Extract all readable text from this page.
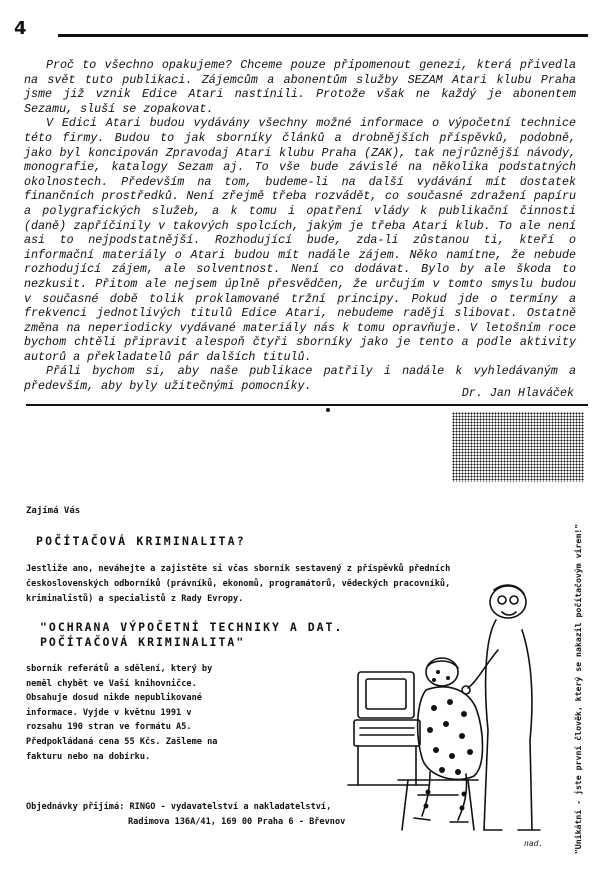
4

Proč to všechno opakujeme? Chceme pouze připomenout genezi, která přivedla na svět tuto publikaci. Zájemcům a abonentům služby SEZAM Atari klubu Praha jsme již vznik Edice Atari nastínili. Protože však ne každý je abonentem Sezamu, sluší se zopakovat.

V Edici Atari budou vydávány všechny možné informace o výpočetní technice této firmy. Budou to jak sborníky článků a drobnějších příspěvků, podobně, jako byl koncipován Zpravodaj Atari klubu Praha (ZAK), tak nejrůznější návody, monografie, katalogy Sezam aj. To vše bude závislé na několika podstatných okolnostech. Především na tom, budeme-li na další vydávání mít dostatek finančních prostředků. Není zřejmě třeba rozvádět, co současné zdražení papíru a polygrafických služeb, a k tomu i opatření vlády k publikační činnosti (daně) zapříčinily v takových spolcích, jakým je třeba Atari klub. To ale není asi to nejpodstatnější. Rozhodující bude, zda-li zůstanou ti, kteří o informační materiály o Atari budou mít nadále zájem. Něko namítne, že nebude rozhodující zájem, ale solventnost. Není co dodávat. Bylo by ale škoda to nezkusit. Přitom ale nejsem úplně přesvědčen, že určujím v tomto smyslu budou v současné době tolik proklamované tržní principy. Pokud jde o termíny a frekvenci jednotlivých titulů Edice Atari, nebudeme raději slibovat. Ostatně změna na neperiodicky vydávané materiály nás k tomu opravňuje. V letošním roce bychom chtěli připravit alespoň čtyři sborníky jako je tento a podle aktivity autorů a překladatelů pár dalších titulů.

Přáli bychom si, aby naše publikace patřily i nadále k vyhledávaným a především, aby byly užitečnými pomocníky.	Dr. Jan Hlaváček
Zajímá Vás
POČÍTAČOVÁ KRIMINALITA?

Jestliže ano, neváhejte a zajistěte si včas sborník sestavený z příspěvků předních československých odborníků (právníků, ekonomů, programátorů, vědeckých pracovníků, kriminalistů) a specialistů z Rady Evropy.

"OCHRANA VÝPOČETNÍ TECHNIKY A DAT.
POČÍTAČOVÁ KRIMINALITA"

sborník referátů a sdělení, který by neměl chybět ve Vaší knihovničce. Obsahuje dosud nikde nepublikované informace. Vyjde v květnu 1991 v rozsahu 190 stran ve formátu A5. Předpokládaná cena 55 Kčs. Zašleme na fakturu nebo na dobírku.

Objednávky přijímá: RINGO - vydavatelství a nakladatelství,
Radimova 136A/41, 169 00 Praha 6 - Břevnov
nad.	"Unikátní - jste první člověk, který se nakazil počítačovým virem!"
